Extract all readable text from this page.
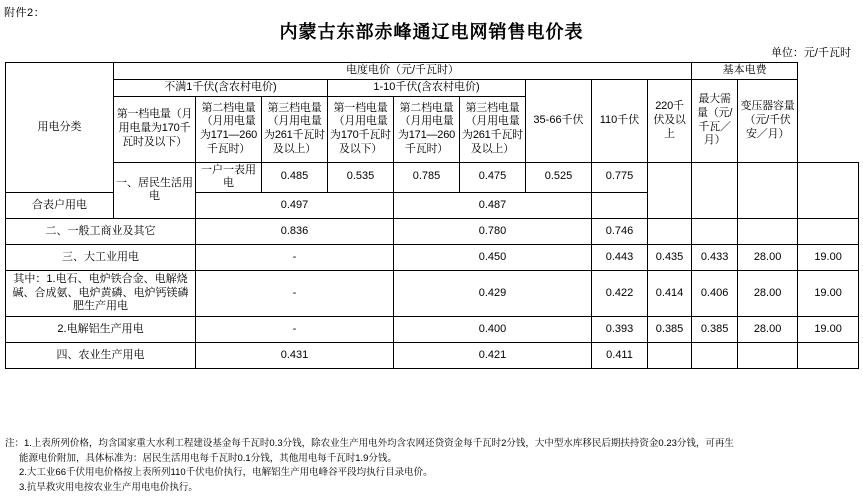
附件2：
内蒙古东部赤峰通辽电网销售电价表
单位：元/千瓦时
用电分类	电度电价（元/千瓦时）									基本电费			
	不满1千伏(含农村电价)			1-10千伏(含农村电价)			35-66千伏	110千伏	220千伏及以上	最大需量（元/千瓦／月）	变压器容量（元/千伏安／月）		
	第一档电量（月用电量为170千瓦时及以下）	第二档电量（月用电量为171—260千瓦时）	第三档电量（月用电量为261千瓦时及以上）	第一档电量（月用电量为170千瓦时及以下）	第二档电量（月用电量为171—260千瓦时）	第三档电量（月用电量为261千瓦时及以上）							
	一、居民生活用电	一户一表用电	0.485	0.535	0.785	0.475	0.525	0.775					
合表户用电		0.497			0.487								
二、一般工商业及其它		0.836			0.780			0.746					
三、大工业用电		-			0.450			0.443	0.435	0.433	28.00	19.00	
其中：1.电石、电炉铁合金、电解烧碱、合成氨、电炉黄磷、电炉钙镁磷肥生产用电		-			0.429			0.422	0.414	0.406	28.00	19.00	
2.电解铝生产用电		-			0.400			0.393	0.385	0.385	28.00	19.00	
四、农业生产用电		0.431			0.421			0.411					
注：1.上表所列价格，均含国家重大水利工程建设基金每千瓦时0.3分钱，除农业生产用电外均含农网还贷资金每千瓦时2分钱，大中型水库移民后期扶持资金0.23分钱，可再生
能源电价附加，具体标准为：居民生活用电每千瓦时0.1分钱，其他用电每千瓦时1.9分钱。
2.大工业66千伏用电价格按上表所列110千伏电价执行，电解铝生产用电峰谷平段均执行目录电价。
3.抗旱救灾用电按农业生产用电电价执行。
